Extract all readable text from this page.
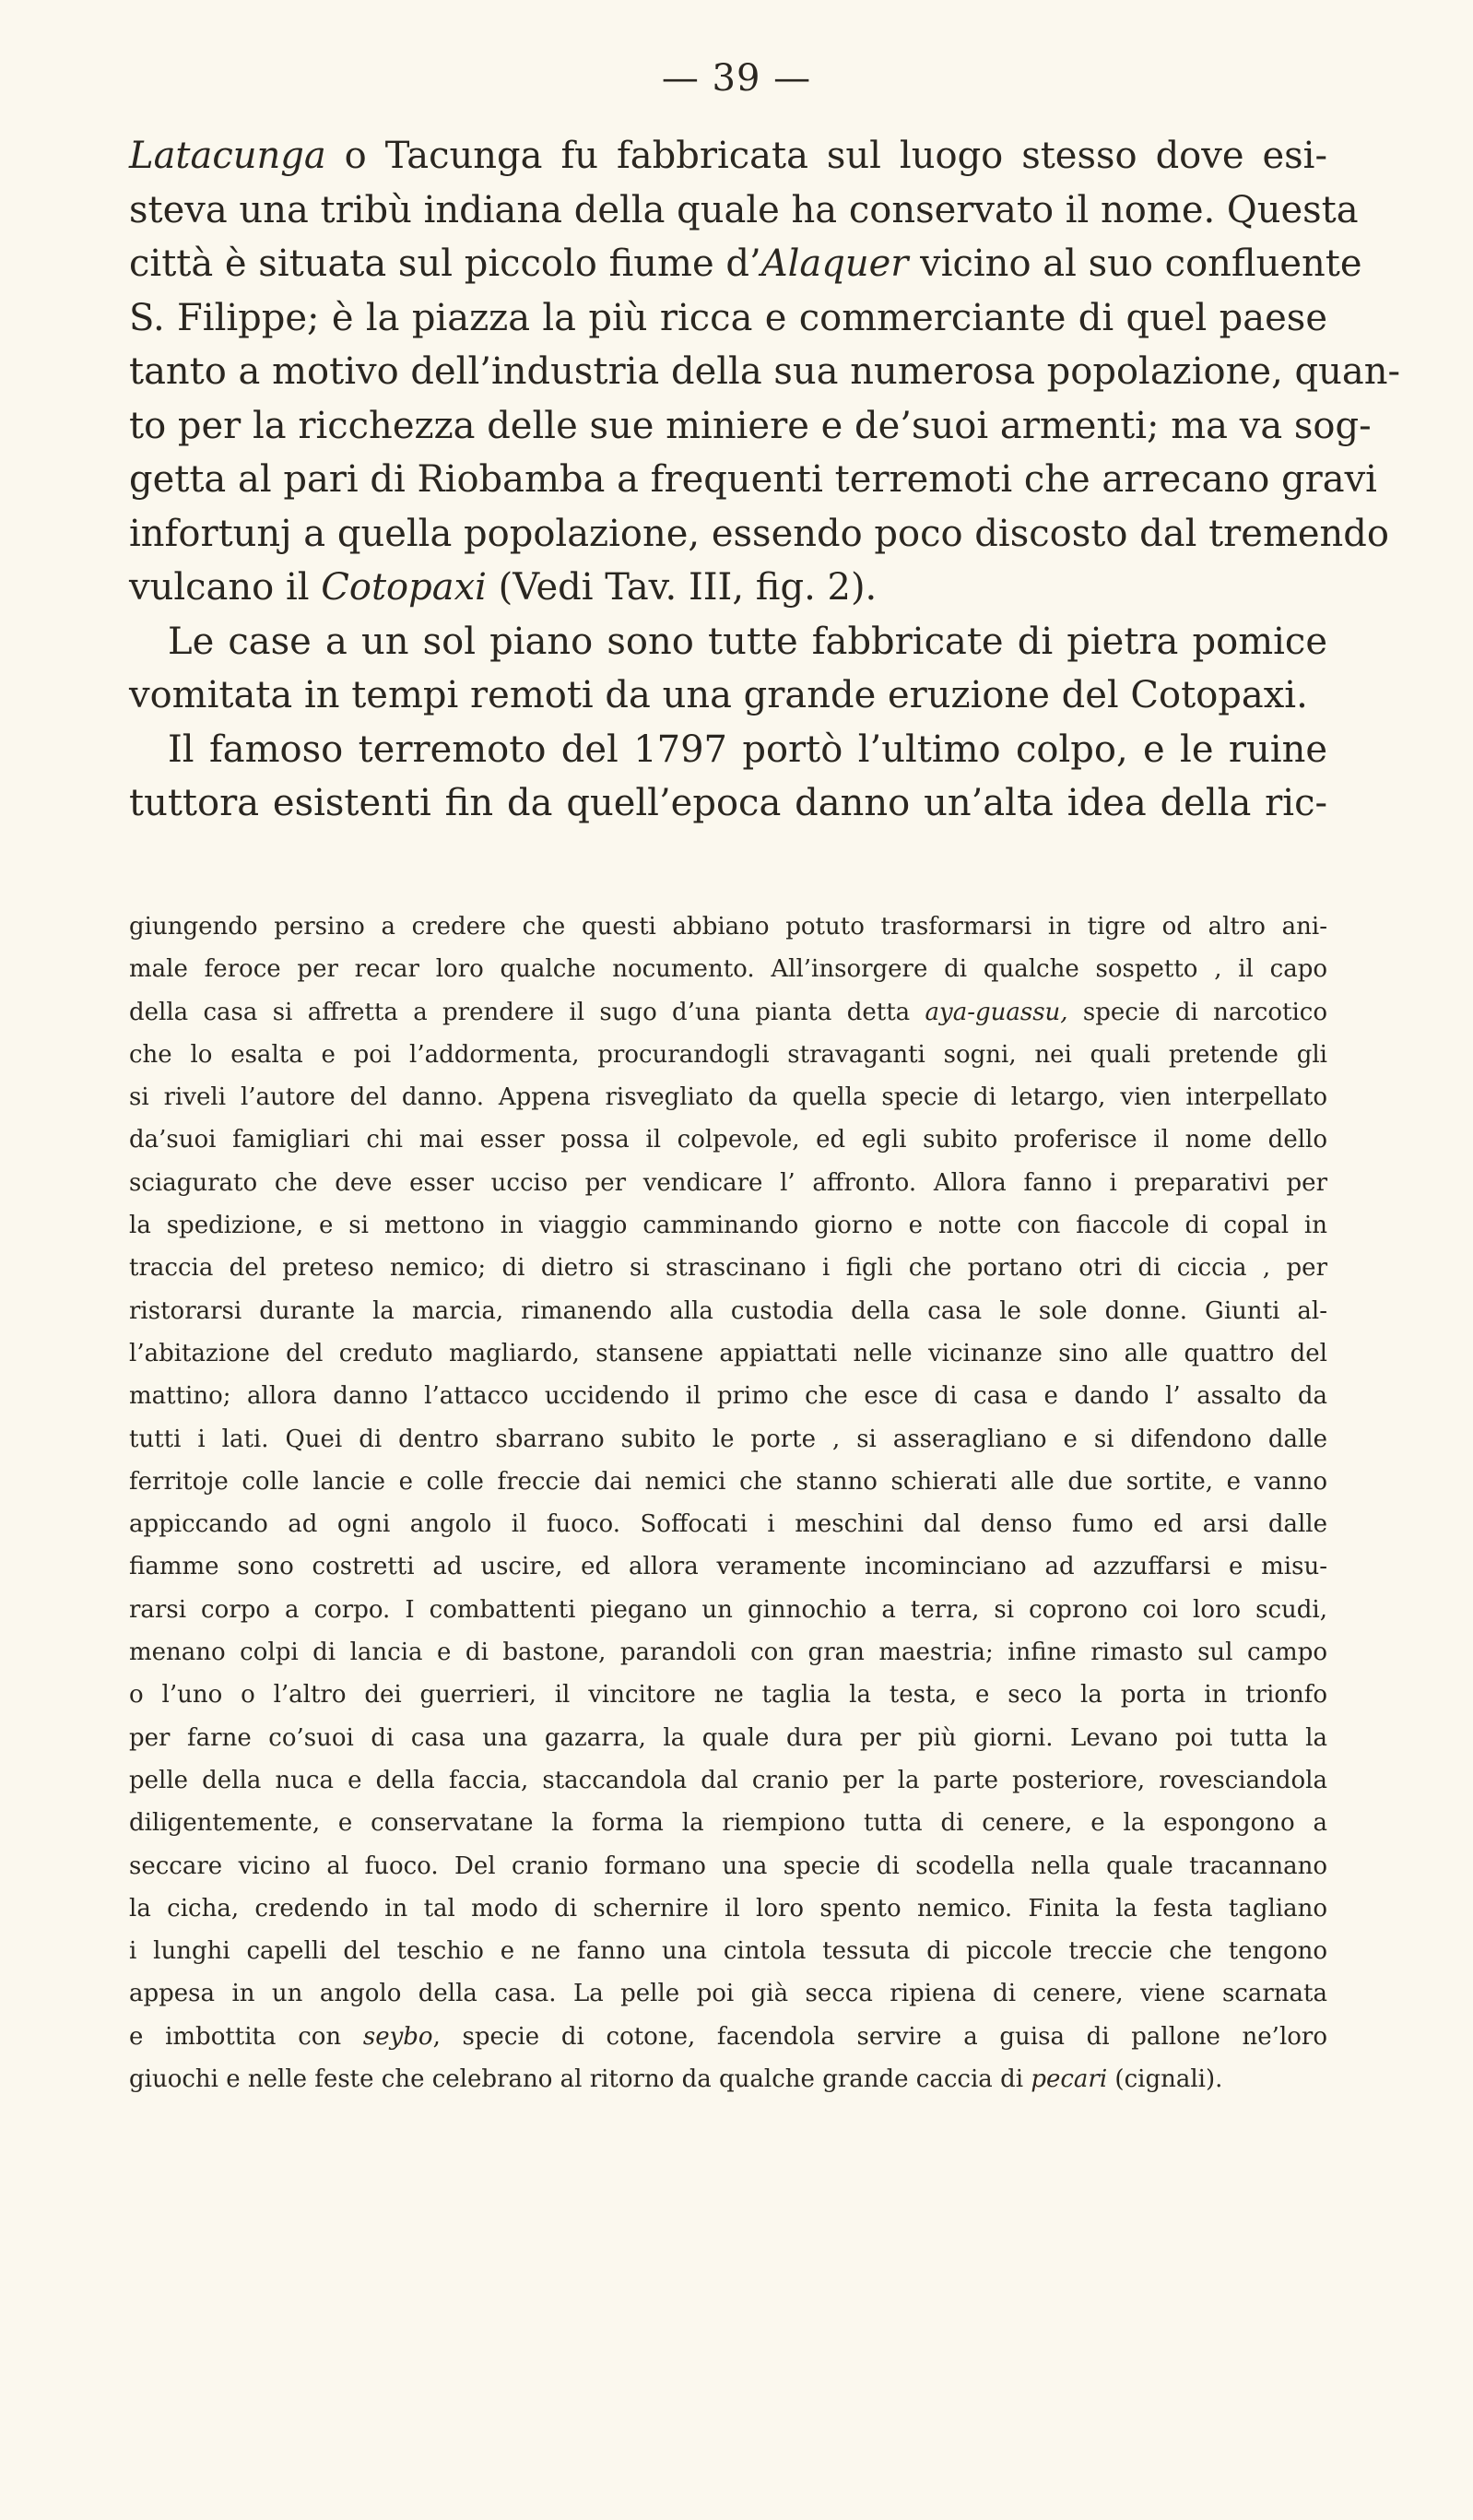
— 39 —
Latacunga o Tacunga fu fabbricata sul luogo stesso dove esi-
steva una tribù indiana della quale ha conservato il nome. Questa
città è situata sul piccolo fiume d’Alaquer vicino al suo confluente
S. Filippe; è la piazza la più ricca e commerciante di quel paese
tanto a motivo dell’industria della sua numerosa popolazione, quan-
to per la ricchezza delle sue miniere e de’suoi armenti; ma va sog-
getta al pari di Riobamba a frequenti terremoti che arrecano gravi
infortunj a quella popolazione, essendo poco discosto dal tremendo
vulcano il Cotopaxi (Vedi Tav. III, fig. 2).
Le case a un sol piano sono tutte fabbricate di pietra pomice
vomitata in tempi remoti da una grande eruzione del Cotopaxi.
Il famoso terremoto del 1797 portò l’ultimo colpo, e le ruine
tuttora esistenti fin da quell’epoca danno un’alta idea della ric-
giungendo persino a credere che questi abbiano potuto trasformarsi in tigre od altro ani-
male feroce per recar loro qualche nocumento. All’insorgere di qualche sospetto , il capo
della casa si affretta a prendere il sugo d’una pianta detta aya-guassu, specie di narcotico
che lo esalta e poi l’addormenta, procurandogli stravaganti sogni, nei quali pretende gli
si riveli l’autore del danno. Appena risvegliato da quella specie di letargo, vien interpellato
da’suoi famigliari chi mai esser possa il colpevole, ed egli subito proferisce il nome dello
sciagurato che deve esser ucciso per vendicare l’ affronto. Allora fanno i preparativi per
la spedizione, e si mettono in viaggio camminando giorno e notte con fiaccole di copal in
traccia del preteso nemico; di dietro si strascinano i figli che portano otri di ciccia , per
ristorarsi durante la marcia, rimanendo alla custodia della casa le sole donne. Giunti al-
l’abitazione del creduto magliardo, stansene appiattati nelle vicinanze sino alle quattro del
mattino; allora danno l’attacco uccidendo il primo che esce di casa e dando l’ assalto da
tutti i lati. Quei di dentro sbarrano subito le porte , si asseragliano e si difendono dalle
ferritoje colle lancie e colle freccie dai nemici che stanno schierati alle due sortite, e vanno
appiccando ad ogni angolo il fuoco. Soffocati i meschini dal denso fumo ed arsi dalle
fiamme sono costretti ad uscire, ed allora veramente incominciano ad azzuffarsi e misu-
rarsi corpo a corpo. I combattenti piegano un ginnochio a terra, si coprono coi loro scudi,
menano colpi di lancia e di bastone, parandoli con gran maestria; infine rimasto sul campo
o l’uno o l’altro dei guerrieri, il vincitore ne taglia la testa, e seco la porta in trionfo
per farne co’suoi di casa una gazarra, la quale dura per più giorni. Levano poi tutta la
pelle della nuca e della faccia, staccandola dal cranio per la parte posteriore, rovesciandola
diligentemente, e conservatane la forma la riempiono tutta di cenere, e la espongono a
seccare vicino al fuoco. Del cranio formano una specie di scodella nella quale tracannano
la cicha, credendo in tal modo di schernire il loro spento nemico. Finita la festa tagliano
i lunghi capelli del teschio e ne fanno una cintola tessuta di piccole treccie che tengono
appesa in un angolo della casa. La pelle poi già secca ripiena di cenere, viene scarnata
e imbottita con seybo, specie di cotone, facendola servire a guisa di pallone ne’loro
giuochi e nelle feste che celebrano al ritorno da qualche grande caccia di pecari (cignali).
